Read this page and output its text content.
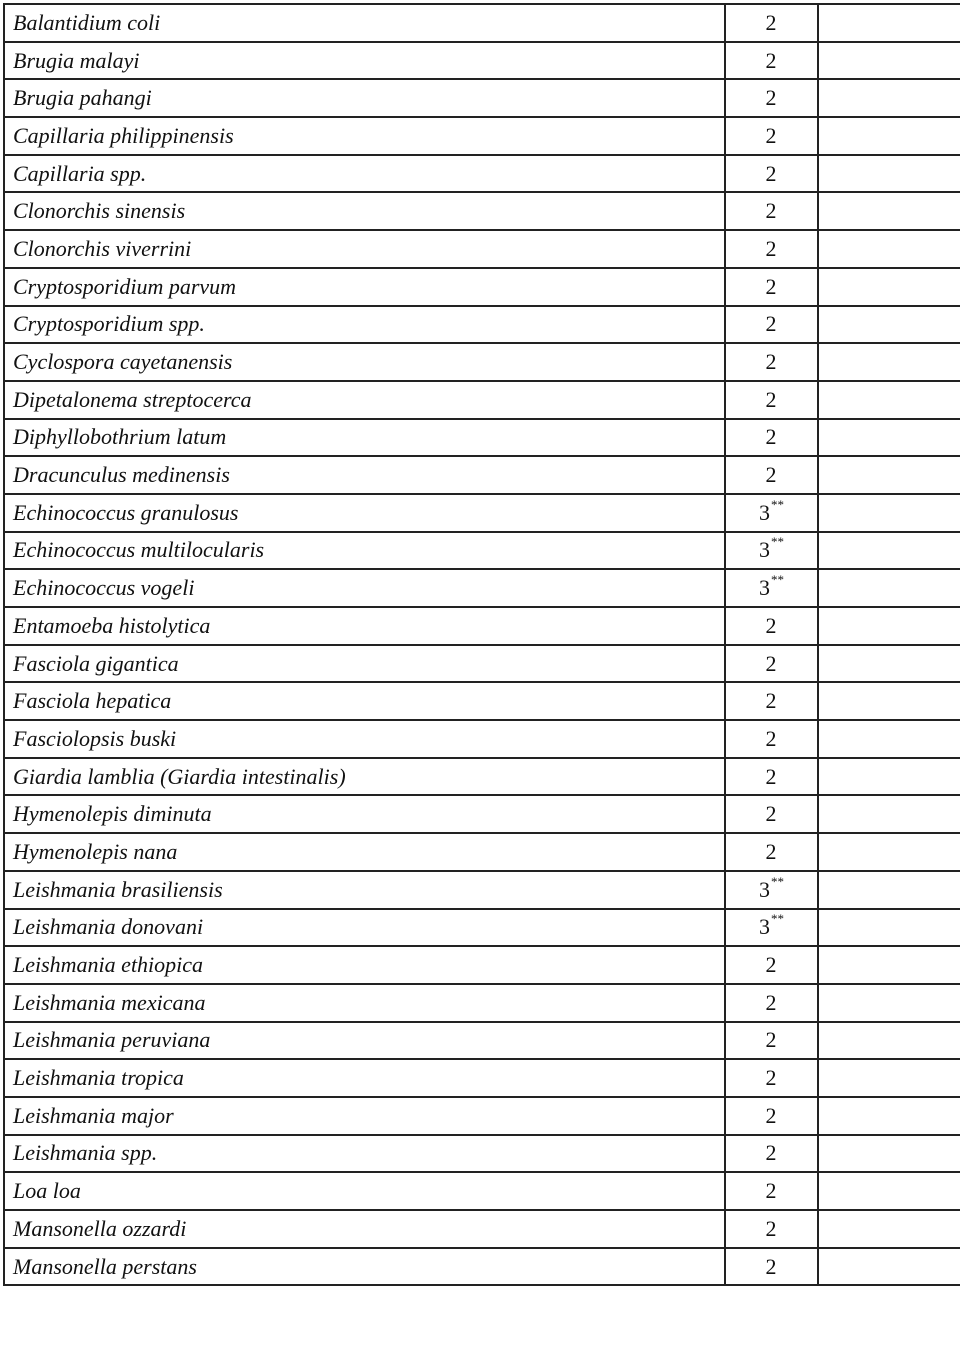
Balantidium coli	2	
Brugia malayi	2	
Brugia pahangi	2	
Capillaria philippinensis	2	
Capillaria spp.	2	
Clonorchis sinensis	2	
Clonorchis viverrini	2	
Cryptosporidium parvum	2	
Cryptosporidium spp.	2	
Cyclospora cayetanensis	2	
Dipetalonema streptocerca	2	
Diphyllobothrium latum	2	
Dracunculus medinensis	2	
Echinococcus granulosus	3**	
Echinococcus multilocularis	3**	
Echinococcus vogeli	3**	
Entamoeba histolytica	2	
Fasciola gigantica	2	
Fasciola hepatica	2	
Fasciolopsis buski	2	
Giardia lamblia (Giardia intestinalis)	2	
Hymenolepis diminuta	2	
Hymenolepis nana	2	
Leishmania brasiliensis	3**	
Leishmania donovani	3**	
Leishmania ethiopica	2	
Leishmania mexicana	2	
Leishmania peruviana	2	
Leishmania tropica	2	
Leishmania major	2	
Leishmania spp.	2	
Loa loa	2	
Mansonella ozzardi	2	
Mansonella perstans	2	
